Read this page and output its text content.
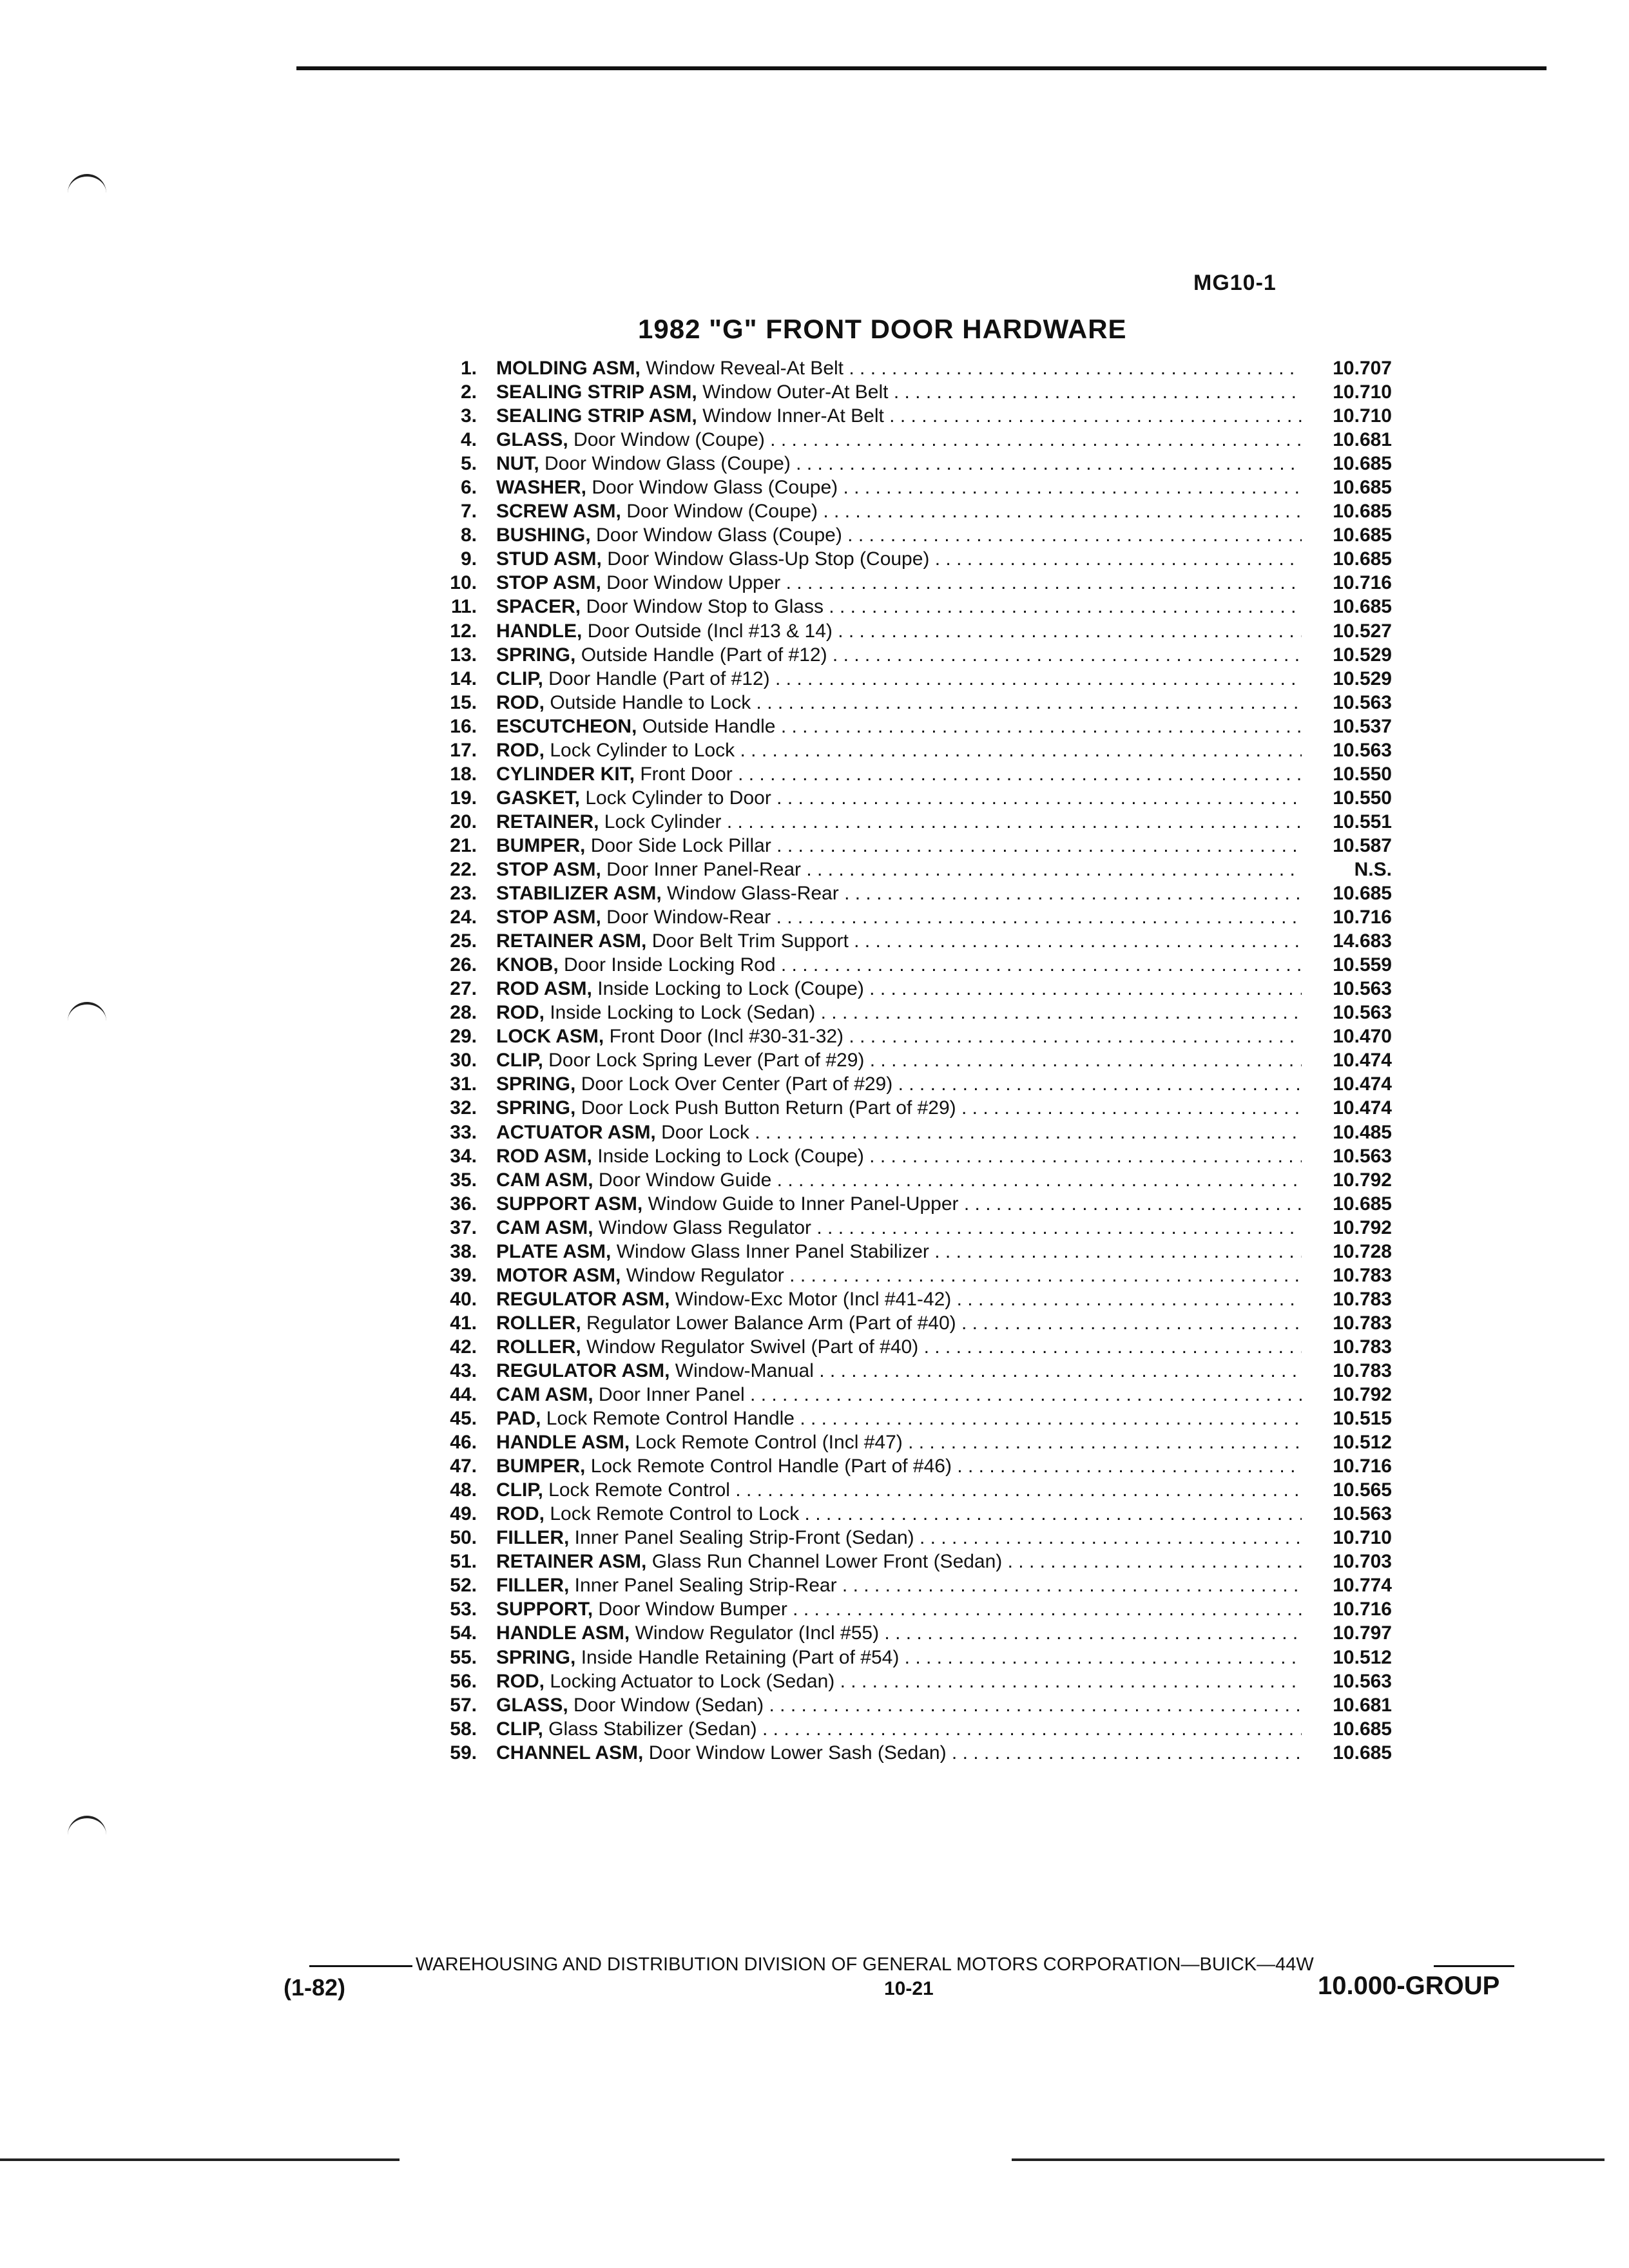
MG10-1
1982 "G" FRONT DOOR HARDWARE
1. MOLDING ASM, Window Reveal-At Belt . . .	10.707
2. SEALING STRIP ASM, Window Outer-At Belt . . .	10.710
3. SEALING STRIP ASM, Window Inner-At Belt . . .	10.710
4. GLASS, Door Window (Coupe) . . .	10.681
5. NUT, Door Window Glass (Coupe) . . .	10.685
6. WASHER, Door Window Glass (Coupe) . . .	10.685
7. SCREW ASM, Door Window (Coupe) . . .	10.685
8. BUSHING, Door Window Glass (Coupe) . . .	10.685
9. STUD ASM, Door Window Glass-Up Stop (Coupe) . . .	10.685
10. STOP ASM, Door Window Upper . . .	10.716
11. SPACER, Door Window Stop to Glass . . .	10.685
12. HANDLE, Door Outside (Incl #13 & 14) . . .	10.527
13. SPRING, Outside Handle (Part of #12) . . .	10.529
14. CLIP, Door Handle (Part of #12) . . .	10.529
15. ROD, Outside Handle to Lock . . .	10.563
16. ESCUTCHEON, Outside Handle . . .	10.537
17. ROD, Lock Cylinder to Lock . . .	10.563
18. CYLINDER KIT, Front Door . . .	10.550
19. GASKET, Lock Cylinder to Door . . .	10.550
20. RETAINER, Lock Cylinder . . .	10.551
21. BUMPER, Door Side Lock Pillar . . .	10.587
22. STOP ASM, Door Inner Panel-Rear . . .	N.S.
23. STABILIZER ASM, Window Glass-Rear . . .	10.685
24. STOP ASM, Door Window-Rear . . .	10.716
25. RETAINER ASM, Door Belt Trim Support . . .	14.683
26. KNOB, Door Inside Locking Rod . . .	10.559
27. ROD ASM, Inside Locking to Lock (Coupe) . . .	10.563
28. ROD, Inside Locking to Lock (Sedan) . . .	10.563
29. LOCK ASM, Front Door (Incl #30-31-32) . . .	10.470
30. CLIP, Door Lock Spring Lever (Part of #29) . . .	10.474
31. SPRING, Door Lock Over Center (Part of #29) . . .	10.474
32. SPRING, Door Lock Push Button Return (Part of #29) . . .	10.474
33. ACTUATOR ASM, Door Lock . . .	10.485
34. ROD ASM, Inside Locking to Lock (Coupe) . . .	10.563
35. CAM ASM, Door Window Guide . . .	10.792
36. SUPPORT ASM, Window Guide to Inner Panel-Upper . . .	10.685
37. CAM ASM, Window Glass Regulator . . .	10.792
38. PLATE ASM, Window Glass Inner Panel Stabilizer . . .	10.728
39. MOTOR ASM, Window Regulator . . .	10.783
40. REGULATOR ASM, Window-Exc Motor (Incl #41-42) . . .	10.783
41. ROLLER, Regulator Lower Balance Arm (Part of #40) . . .	10.783
42. ROLLER, Window Regulator Swivel (Part of #40) . . .	10.783
43. REGULATOR ASM, Window-Manual . . .	10.783
44. CAM ASM, Door Inner Panel . . .	10.792
45. PAD, Lock Remote Control Handle . . .	10.515
46. HANDLE ASM, Lock Remote Control (Incl #47) . . .	10.512
47. BUMPER, Lock Remote Control Handle (Part of #46) . . .	10.716
48. CLIP, Lock Remote Control . . .	10.565
49. ROD, Lock Remote Control to Lock . . .	10.563
50. FILLER, Inner Panel Sealing Strip-Front (Sedan) . . .	10.710
51. RETAINER ASM, Glass Run Channel Lower Front (Sedan) . . .	10.703
52. FILLER, Inner Panel Sealing Strip-Rear . . .	10.774
53. SUPPORT, Door Window Bumper . . .	10.716
54. HANDLE ASM, Window Regulator (Incl #55) . . .	10.797
55. SPRING, Inside Handle Retaining (Part of #54) . . .	10.512
56. ROD, Locking Actuator to Lock (Sedan) . . .	10.563
57. GLASS, Door Window (Sedan) . . .	10.681
58. CLIP, Glass Stabilizer (Sedan) . . .	10.685
59. CHANNEL ASM, Door Window Lower Sash (Sedan) . . .	10.685
WAREHOUSING AND DISTRIBUTION DIVISION OF GENERAL MOTORS CORPORATION—BUICK—44W
(1-82)	10-21	10.000-GROUP
